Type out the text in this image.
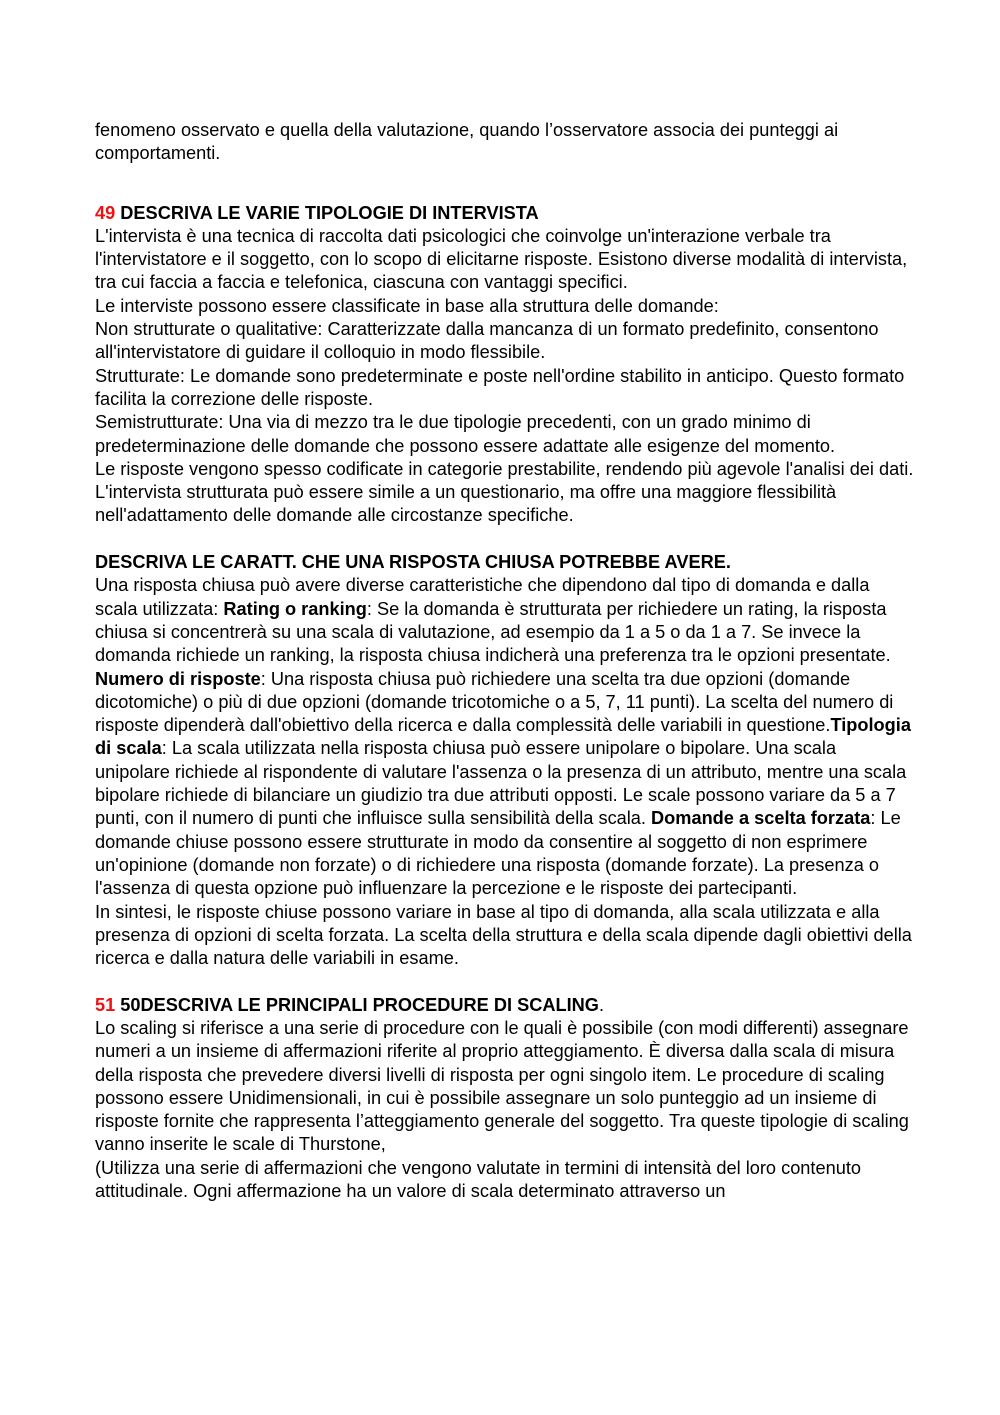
fenomeno osservato e quella della valutazione, quando l’osservatore associa dei punteggi ai comportamenti.

49 DESCRIVA LE VARIE TIPOLOGIE DI INTERVISTA

L'intervista è una tecnica di raccolta dati psicologici che coinvolge un'interazione verbale tra l'intervistatore e il soggetto, con lo scopo di elicitarne risposte. Esistono diverse modalità di intervista, tra cui faccia a faccia e telefonica, ciascuna con vantaggi specifici.

Le interviste possono essere classificate in base alla struttura delle domande:

Non strutturate o qualitative: Caratterizzate dalla mancanza di un formato predefinito, consentono all'intervistatore di guidare il colloquio in modo flessibile.

Strutturate: Le domande sono predeterminate e poste nell'ordine stabilito in anticipo. Questo formato facilita la correzione delle risposte.

Semistrutturate: Una via di mezzo tra le due tipologie precedenti, con un grado minimo di predeterminazione delle domande che possono essere adattate alle esigenze del momento.

Le risposte vengono spesso codificate in categorie prestabilite, rendendo più agevole l'analisi dei dati. L'intervista strutturata può essere simile a un questionario, ma offre una maggiore flessibilità nell'adattamento delle domande alle circostanze specifiche.

DESCRIVA LE CARATT. CHE UNA RISPOSTA CHIUSA POTREBBE AVERE.

Una risposta chiusa può avere diverse caratteristiche che dipendono dal tipo di domanda e dalla scala utilizzata: Rating o ranking: Se la domanda è strutturata per richiedere un rating, la risposta chiusa si concentrerà su una scala di valutazione, ad esempio da 1 a 5 o da 1 a 7. Se invece la domanda richiede un ranking, la risposta chiusa indicherà una preferenza tra le opzioni presentate. Numero di risposte: Una risposta chiusa può richiedere una scelta tra due opzioni (domande dicotomiche) o più di due opzioni (domande tricotomiche o a 5, 7, 11 punti). La scelta del numero di risposte dipenderà dall'obiettivo della ricerca e dalla complessità delle variabili in questione.Tipologia di scala: La scala utilizzata nella risposta chiusa può essere unipolare o bipolare. Una scala unipolare richiede al rispondente di valutare l'assenza o la presenza di un attributo, mentre una scala bipolare richiede di bilanciare un giudizio tra due attributi opposti. Le scale possono variare da 5 a 7 punti, con il numero di punti che influisce sulla sensibilità della scala. Domande a scelta forzata: Le domande chiuse possono essere strutturate in modo da consentire al soggetto di non esprimere un'opinione (domande non forzate) o di richiedere una risposta (domande forzate). La presenza o l'assenza di questa opzione può influenzare la percezione e le risposte dei partecipanti.

In sintesi, le risposte chiuse possono variare in base al tipo di domanda, alla scala utilizzata e alla presenza di opzioni di scelta forzata. La scelta della struttura e della scala dipende dagli obiettivi della ricerca e dalla natura delle variabili in esame.

51 50DESCRIVA LE PRINCIPALI PROCEDURE DI SCALING.

Lo scaling si riferisce a una serie di procedure con le quali è possibile (con modi differenti) assegnare numeri a un insieme di affermazioni riferite al proprio atteggiamento. È diversa dalla scala di misura della risposta che prevedere diversi livelli di risposta per ogni singolo item. Le procedure di scaling possono essere Unidimensionali, in cui è possibile assegnare un solo punteggio ad un insieme di risposte fornite che rappresenta l’atteggiamento generale del soggetto. Tra queste tipologie di scaling vanno inserite le scale di Thurstone,

(Utilizza una serie di affermazioni che vengono valutate in termini di intensità del loro contenuto attitudinale. Ogni affermazione ha un valore di scala determinato attraverso un
